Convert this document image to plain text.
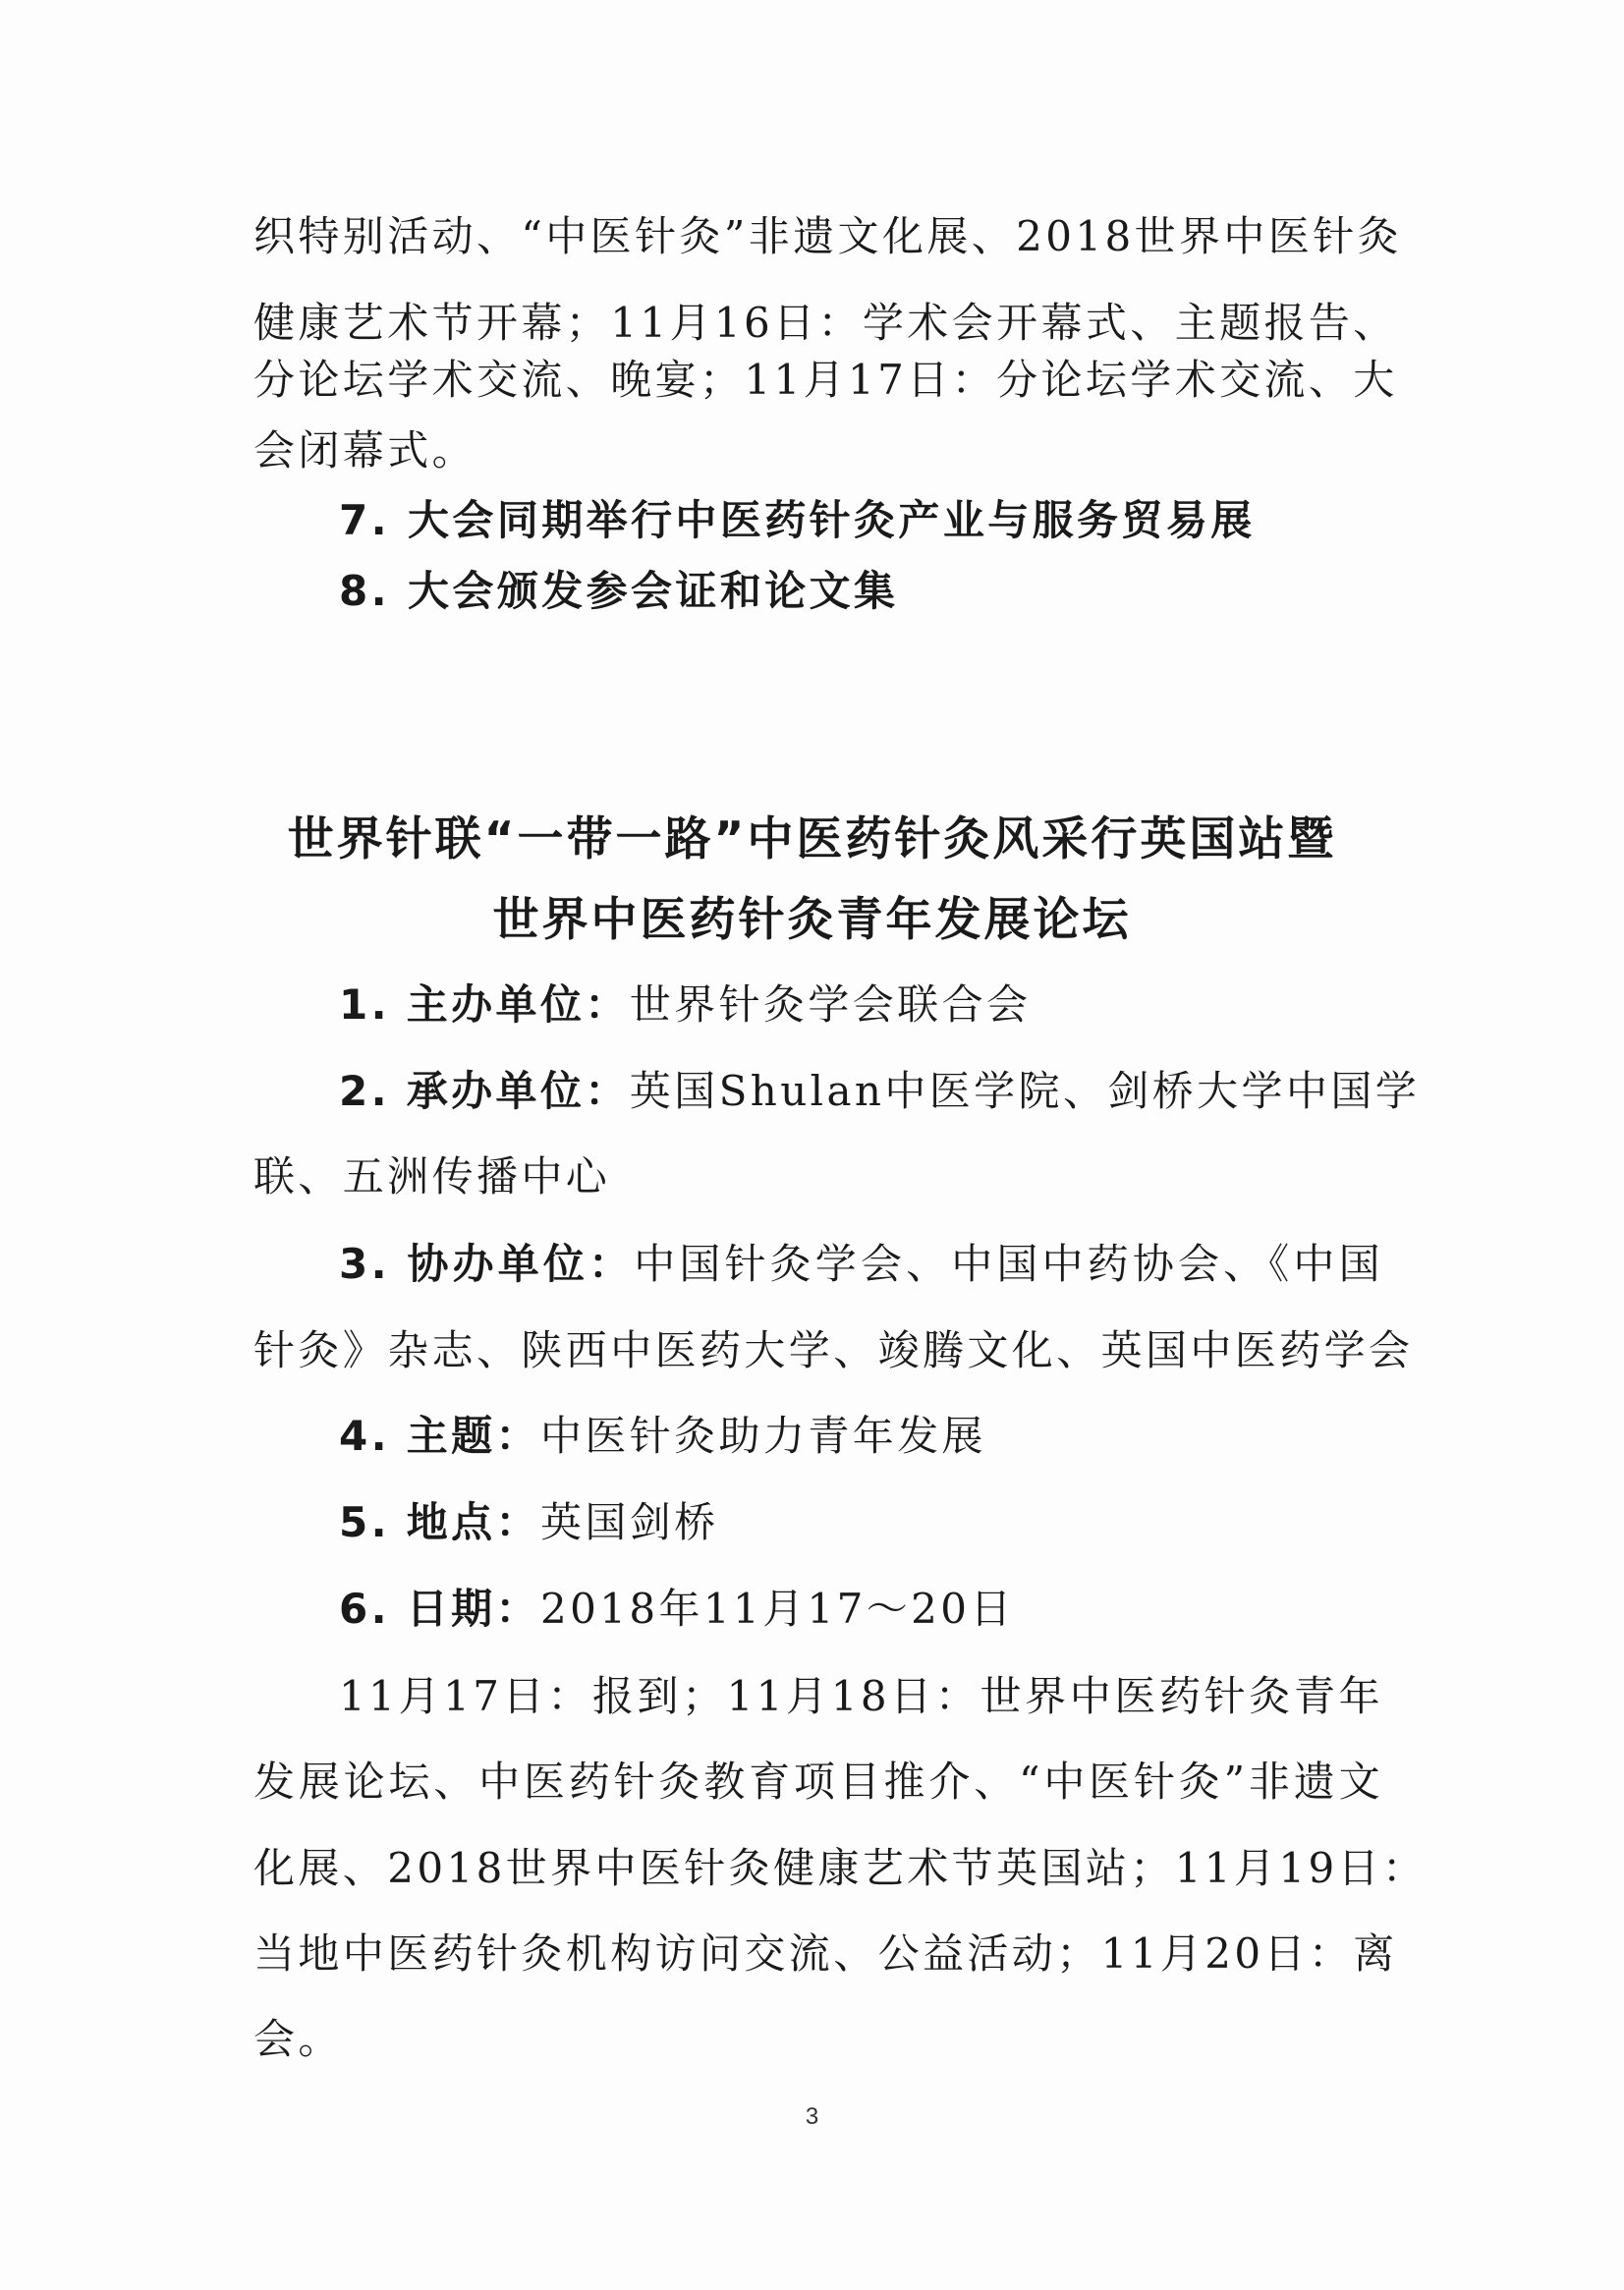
织特别活动、“中医针灸”非遗文化展、2018世界中医针灸
健康艺术节开幕；11月16日：学术会开幕式、主题报告、
分论坛学术交流、晚宴；11月17日：分论坛学术交流、大
会闭幕式。
7. 大会同期举行中医药针灸产业与服务贸易展
8. 大会颁发参会证和论文集
世界针联“一带一路”中医药针灸风采行英国站暨
世界中医药针灸青年发展论坛
1. 主办单位：世界针灸学会联合会
2. 承办单位：英国Shulan中医学院、剑桥大学中国学
联、五洲传播中心
3. 协办单位：中国针灸学会、中国中药协会、《中国
针灸》杂志、陕西中医药大学、竣腾文化、英国中医药学会
4. 主题：中医针灸助力青年发展
5. 地点：英国剑桥
6. 日期：2018年11月17～20日
11月17日：报到；11月18日：世界中医药针灸青年
发展论坛、中医药针灸教育项目推介、“中医针灸”非遗文
化展、2018世界中医针灸健康艺术节英国站；11月19日：
当地中医药针灸机构访问交流、公益活动；11月20日：离
会。
3
